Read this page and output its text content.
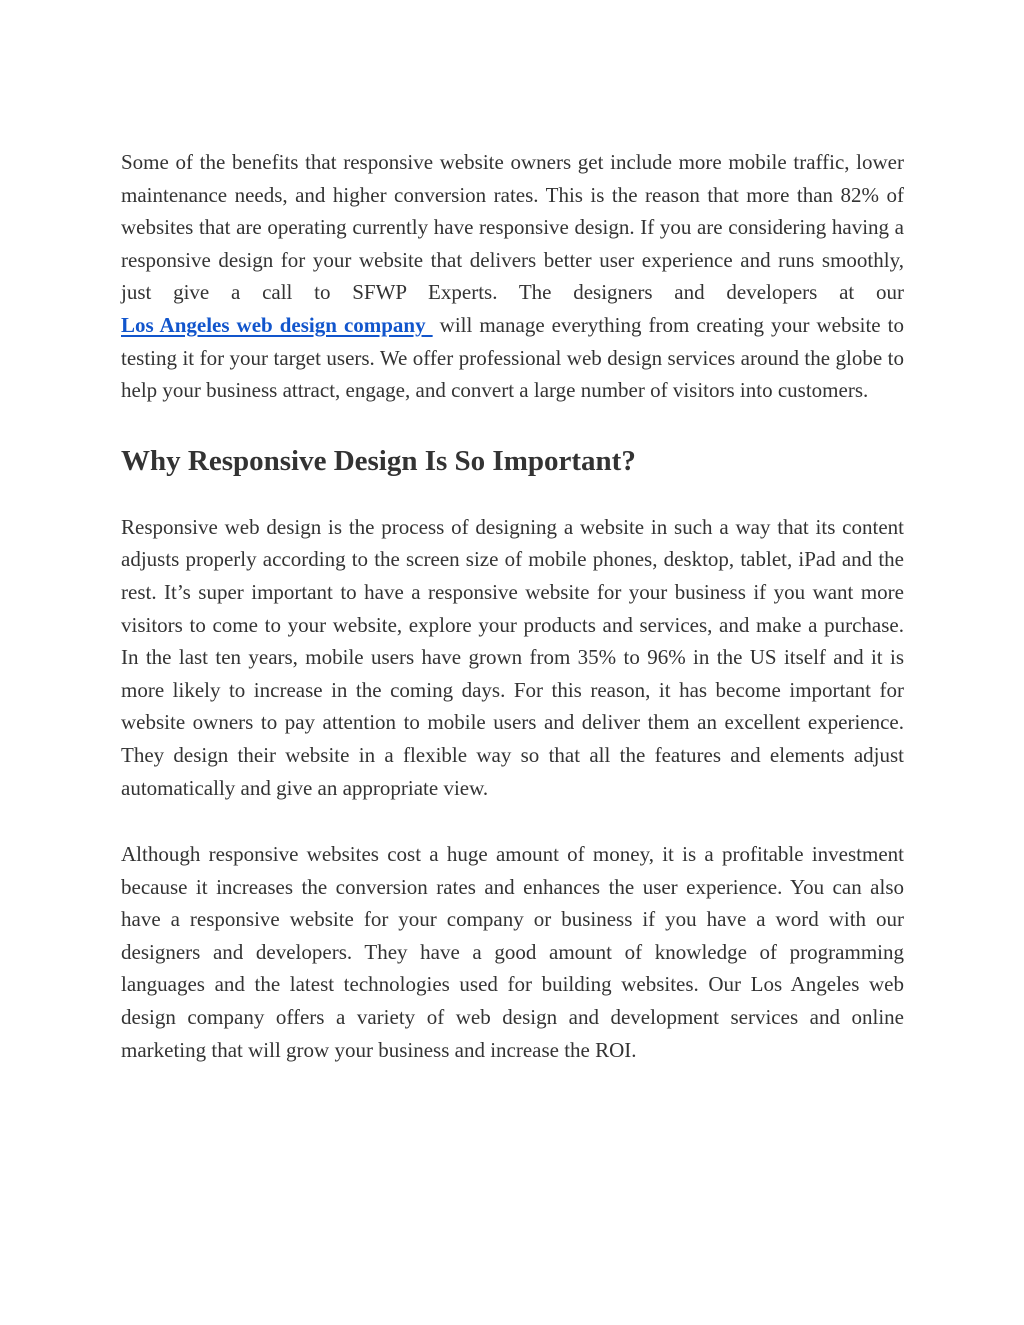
Some of the benefits that responsive website owners get include more mobile traffic, lower maintenance needs, and higher conversion rates. This is the reason that more than 82% of websites that are operating currently have responsive design. If you are considering having a responsive design for your website that delivers better user experience and runs smoothly, just give a call to SFWP Experts. The designers and developers at our Los Angeles web design company  will manage everything from creating your website to testing it for your target users. We offer professional web design services around the globe to help your business attract, engage, and convert a large number of visitors into customers.

Why Responsive Design Is So Important?

Responsive web design is the process of designing a website in such a way that its content adjusts properly according to the screen size of mobile phones, desktop, tablet, iPad and the rest. It’s super important to have a responsive website for your business if you want more visitors to come to your website, explore your products and services, and make a purchase. In the last ten years, mobile users have grown from 35% to 96% in the US itself and it is more likely to increase in the coming days. For this reason, it has become important for website owners to pay attention to mobile users and deliver them an excellent experience. They design their website in a flexible way so that all the features and elements adjust automatically and give an appropriate view.

Although responsive websites cost a huge amount of money, it is a profitable investment because it increases the conversion rates and enhances the user experience. You can also have a responsive website for your company or business if you have a word with our designers and developers. They have a good amount of knowledge of programming languages and the latest technologies used for building websites. Our Los Angeles web design company offers a variety of web design and development services and online marketing that will grow your business and increase the ROI.
